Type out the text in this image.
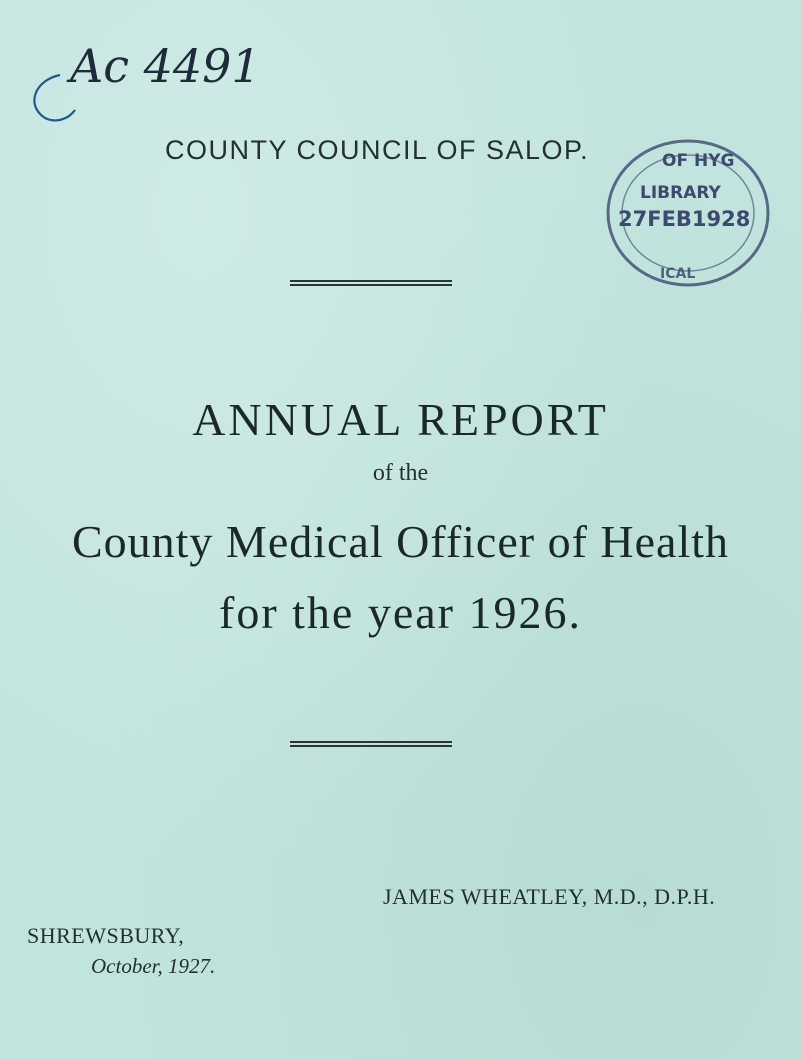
Ac 4491
COUNTY COUNCIL OF SALOP.	OF HYG
LIBRARY
27FEB1928
ICAL
ANNUAL REPORT
of the
County Medical Officer of Health
for the year 1926.
JAMES WHEATLEY, M.D., D.P.H.
SHREWSBURY,
October, 1927.
